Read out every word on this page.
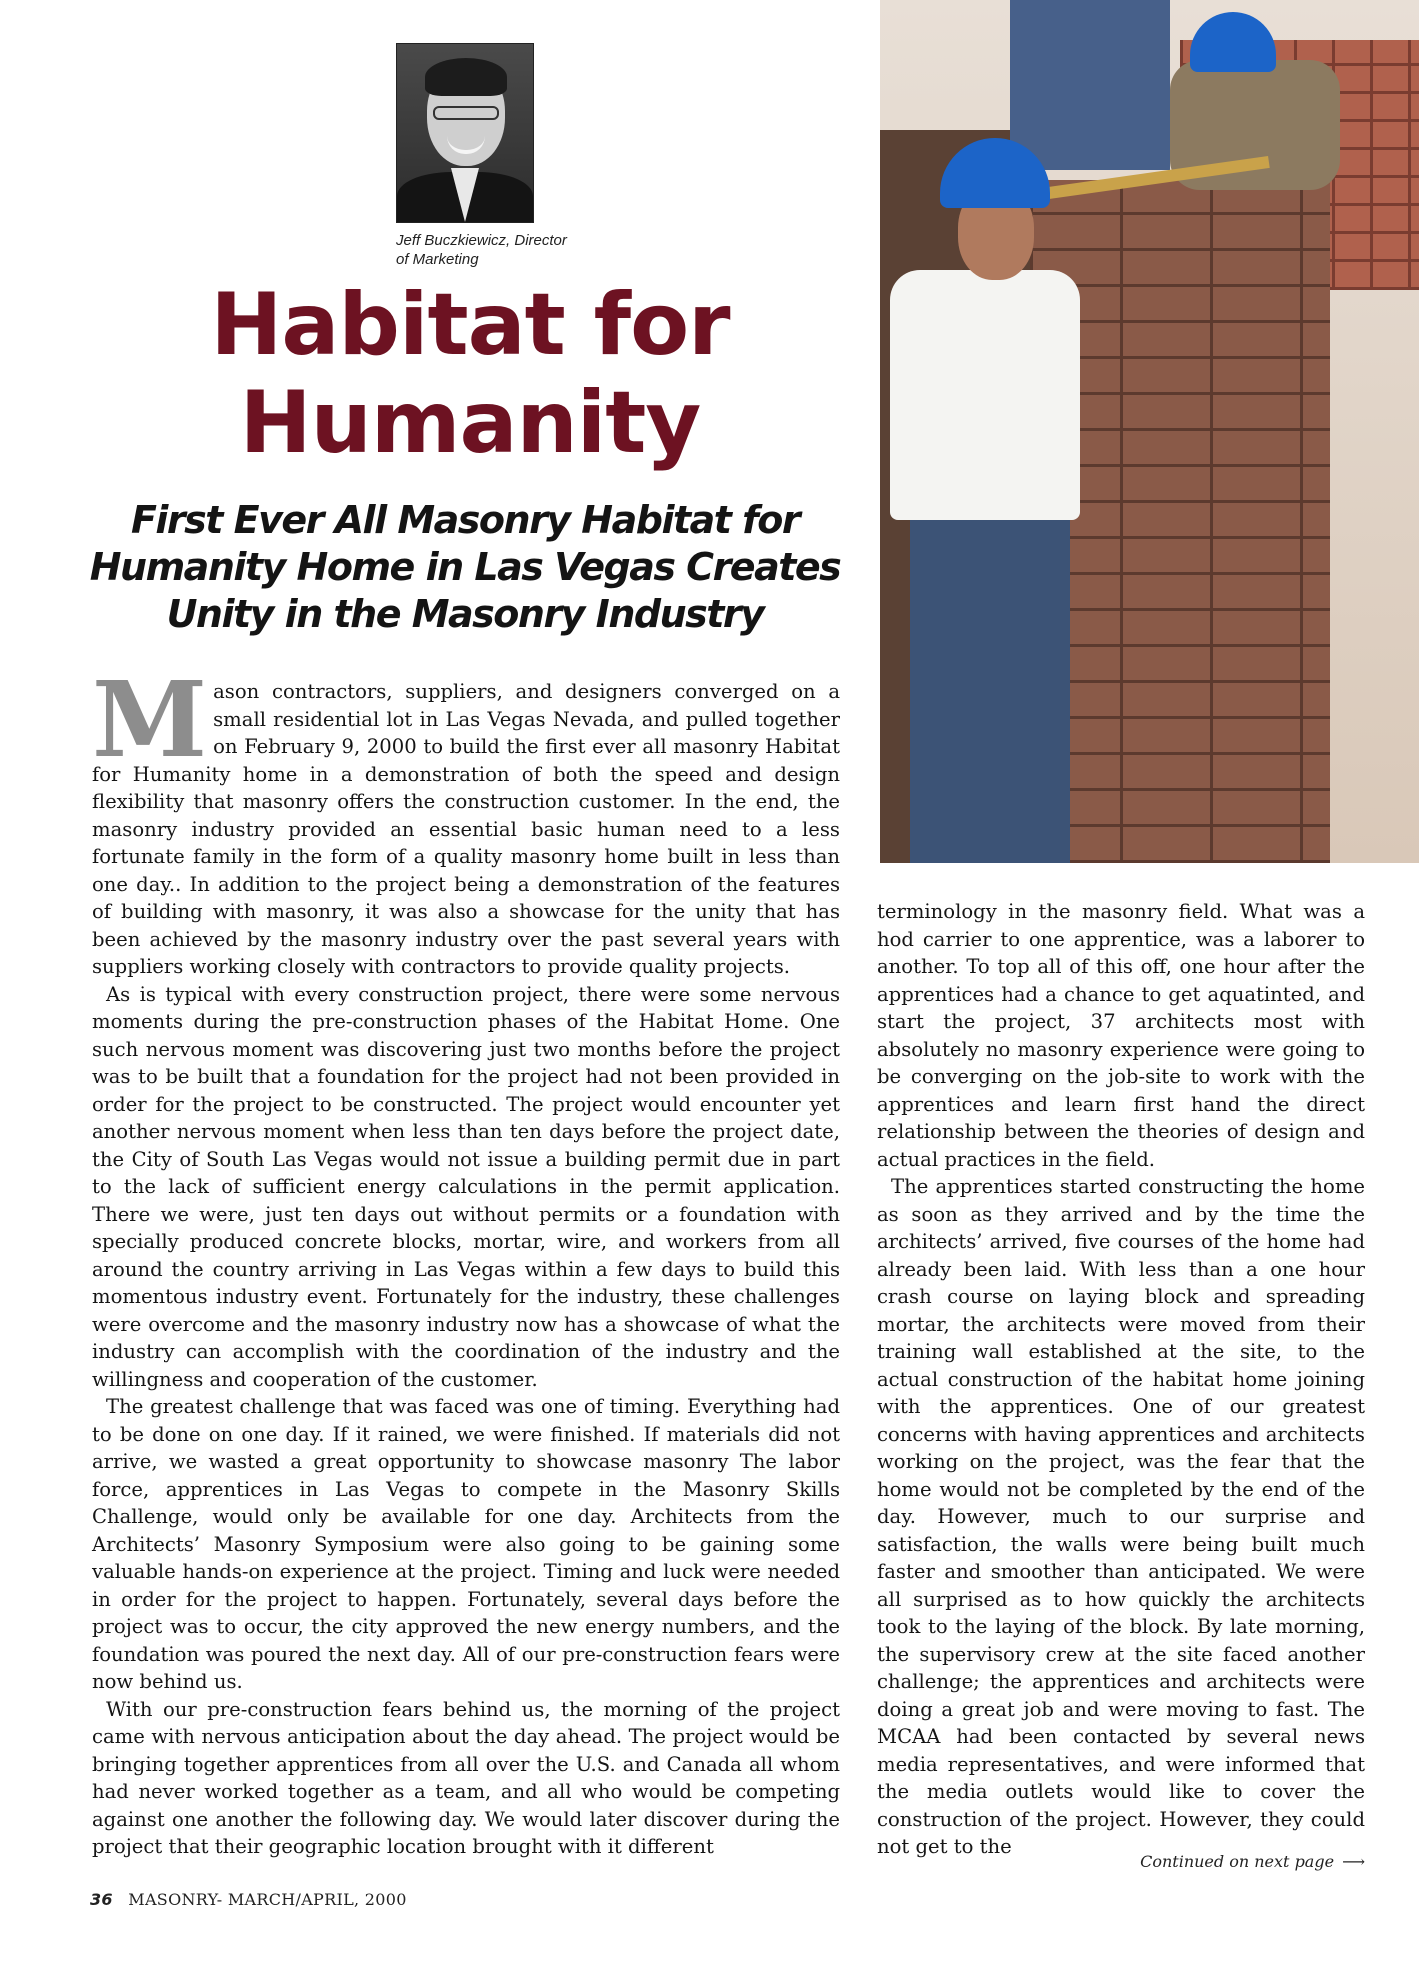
Jeff Buczkiewicz, Director
of Marketing
Habitat for
Humanity
First Ever All Masonry Habitat for
Humanity Home in Las Vegas Creates
Unity in the Masonry Industry

Mason contractors, suppliers, and designers converged on a small residential lot in Las Vegas Nevada, and pulled together on February 9, 2000 to build the first ever all masonry Habitat for Humanity home in a demonstration of both the speed and design flexibility that masonry offers the construction customer. In the end, the masonry industry provided an essential basic human need to a less fortunate family in the form of a quality masonry home built in less than one day.. In addition to the project being a demonstration of the features of building with masonry, it was also a showcase for the unity that has been achieved by the masonry industry over the past several years with suppliers working closely with contractors to provide quality projects.

As is typical with every construction project, there were some nervous moments during the pre-construction phases of the Habitat Home. One such nervous moment was discovering just two months before the project was to be built that a foundation for the project had not been provided in order for the project to be constructed. The project would encounter yet another nervous moment when less than ten days before the project date, the City of South Las Vegas would not issue a building permit due in part to the lack of sufficient energy calculations in the permit application. There we were, just ten days out without permits or a foundation with specially produced concrete blocks, mortar, wire, and workers from all around the country arriving in Las Vegas within a few days to build this momentous industry event. Fortunately for the industry, these challenges were overcome and the masonry industry now has a showcase of what the industry can accomplish with the coordination of the industry and the willingness and cooperation of the customer.

The greatest challenge that was faced was one of timing. Everything had to be done on one day. If it rained, we were finished. If materials did not arrive, we wasted a great opportunity to showcase masonry The labor force, apprentices in Las Vegas to compete in the Masonry Skills Challenge, would only be available for one day. Architects from the Architects’ Masonry Symposium were also going to be gaining some valuable hands-on experience at the project. Timing and luck were needed in order for the project to happen. Fortunately, several days before the project was to occur, the city approved the new energy numbers, and the foundation was poured the next day. All of our pre-construction fears were now behind us.

With our pre-construction fears behind us, the morning of the project came with nervous anticipation about the day ahead. The project would be bringing together apprentices from all over the U.S. and Canada all whom had never worked together as a team, and all who would be competing against one another the following day. We would later discover during the project that their geographic location brought with it different

terminology in the masonry field. What was a hod carrier to one apprentice, was a laborer to another. To top all of this off, one hour after the apprentices had a chance to get aquatinted, and start the project, 37 architects most with absolutely no masonry experience were going to be converging on the job-site to work with the apprentices and learn first hand the direct relationship between the theories of design and actual practices in the field.

The apprentices started constructing the home as soon as they arrived and by the time the architects’ arrived, five courses of the home had already been laid. With less than a one hour crash course on laying block and spreading mortar, the architects were moved from their training wall established at the site, to the actual construction of the habitat home joining with the apprentices. One of our greatest concerns with having apprentices and architects working on the project, was the fear that the home would not be completed by the end of the day. However, much to our surprise and satisfaction, the walls were being built much faster and smoother than anticipated. We were all surprised as to how quickly the architects took to the laying of the block. By late morning, the supervisory crew at the site faced another challenge; the apprentices and architects were doing a great job and were moving to fast. The MCAA had been contacted by several news media representatives, and were informed that the media outlets would like to cover the construction of the project. However, they could not get to the

Continued on next page ⟶
36 MASONRY- MARCH/APRIL, 2000
